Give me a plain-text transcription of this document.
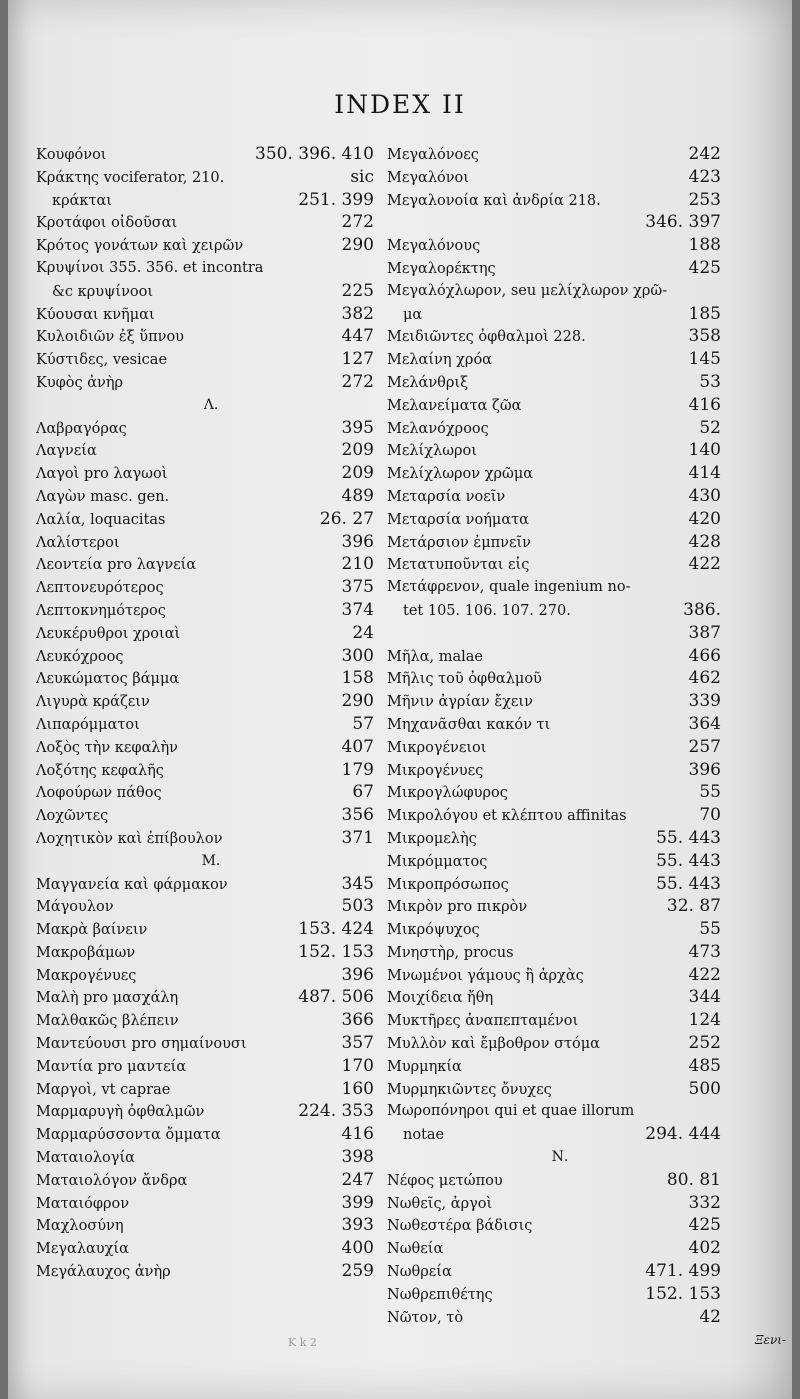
INDEX II
Κουφόνοι	350. 396. 410
Κράκτης vociferator, 210.	sic
κράκται	251. 399
Κροτάφοι οἰδοῦσαι	272
Κρότος γονάτων καὶ χειρῶν	290
Κρυψίνοι 355. 356. et incontra
&c κρυψίνοοι	225
Κύουσαι κνῆμαι	382
Κυλοιδιῶν ἐξ ὕπνου	447
Κύστιδες, vesicae	127
Κυφὸς ἀνὴρ	272
Λ.
Λαβραγόρας	395
Λαγνεία	209
Λαγοὶ pro λαγωοὶ	209
Λαγὼν masc. gen.	489
Λαλία, loquacitas	26. 27
Λαλίστεροι	396
Λεοντεία pro λαγνεία	210
Λεπτονευρότερος	375
Λεπτοκνημότερος	374
Λευκέρυθροι χροιαὶ	24
Λευκόχροος	300
Λευκώματος βάμμα	158
Λιγυρὰ κράζειν	290
Λιπαρόμματοι	57
Λοξὸς τὴν κεφαλὴν	407
Λοξότης κεφαλῆς	179
Λοφούρων πάθος	67
Λοχῶντες	356
Λοχητικὸν καὶ ἐπίβουλον	371
Μ.
Μαγγανεία καὶ φάρμακον	345
Μάγουλον	503
Μακρὰ βαίνειν	153. 424
Μακροβάμων	152. 153
Μακρογένυες	396
Μαλὴ pro μασχάλη	487. 506
Μαλθακῶς βλέπειν	366
Μαντεύουσι pro σημαίνουσι	357
Μαντία pro μαντεία	170
Μαργοὶ, vt caprae	160
Μαρμαρυγὴ ὀφθαλμῶν	224. 353
Μαρμαρύσσοντα ὄμματα	416
Ματαιολογία	398
Ματαιολόγον ἄνδρα	247
Ματαιόφρον	399
Μαχλοσύνη	393
Μεγαλαυχία	400
Μεγάλαυχος ἀνὴρ	259
Μεγαλόνοες	242
Μεγαλόνοι	423
Μεγαλονοία καὶ ἀνδρία 218.	253
346. 397
Μεγαλόνους	188
Μεγαλορέκτης	425
Μεγαλόχλωρον, seu μελίχλωρον χρῶ-
μα	185
Μειδιῶντες ὀφθαλμοὶ 228.	358
Μελαίνη χρόα	145
Μελάνθριξ	53
Μελανείματα ζῶα	416
Μελανόχροος	52
Μελίχλωροι	140
Μελίχλωρον χρῶμα	414
Μεταρσία νοεῖν	430
Μεταρσία νοήματα	420
Μετάρσιον ἐμπνεῖν	428
Μετατυποῦνται εἰς	422
Μετάφρενον, quale ingenium no-
tet 105. 106. 107. 270.	386.
387
Μῆλα, malae	466
Μῆλις τοῦ ὀφθαλμοῦ	462
Μῆνιν ἀγρίαν ἔχειν	339
Μηχανᾶσθαι κακόν τι	364
Μικρογένειοι	257
Μικρογένυες	396
Μικρογλώφυρος	55
Μικρολόγου et κλέπτου affinitas	70
Μικρομελὴς	55. 443
Μικρόμματος	55. 443
Μικροπρόσωπος	55. 443
Μικρὸν pro πικρὸν	32. 87
Μικρόψυχος	55
Μνηστὴρ, procus	473
Μνωμένοι γάμους ἢ ἀρχὰς	422
Μοιχίδεια ἤθη	344
Μυκτῆρες ἀναπεπταμένοι	124
Μυλλὸν καὶ ἔμβοθρον στόμα	252
Μυρμηκία	485
Μυρμηκιῶντες ὄνυχες	500
Μωροπόνηροι qui et quae illorum
notae	294. 444
Ν.
Νέφος μετώπου	80. 81
Νωθεῖς, ἀργοὶ	332
Νωθεστέρα βάδισις	425
Νωθεία	402
Νωθρεία	471. 499
Νωθρεπιθέτης	152. 153
Νῶτον, τὸ	42
K k 2	Ξενι-
